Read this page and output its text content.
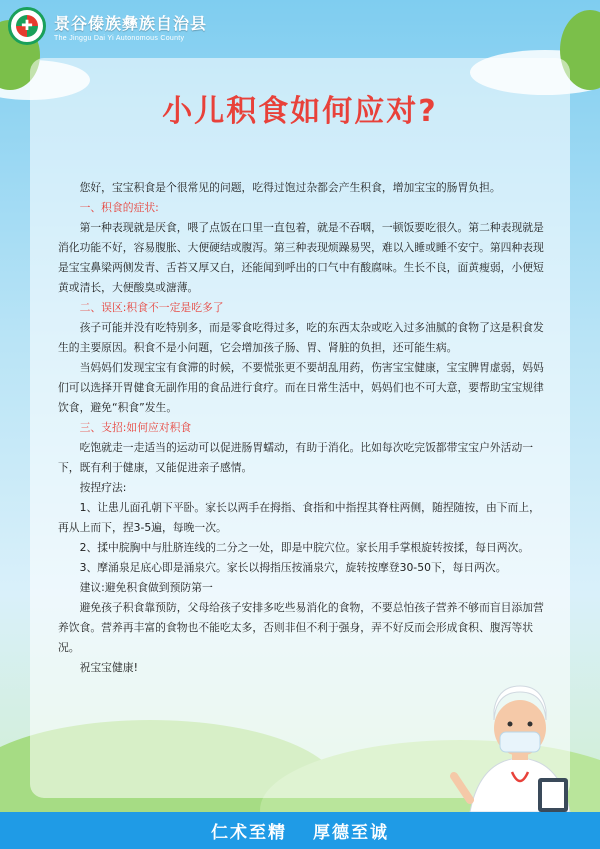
✚ 景谷傣族彝族自治县
The Jinggu Dai Yi Autonomous County
小儿积食如何应对?

您好，宝宝积食是个很常见的问题，吃得过饱过杂都会产生积食，增加宝宝的肠胃负担。

一、积食的症状:

第一种表现就是厌食，喂了点饭在口里一直包着，就是不吞咽，一顿饭要吃很久。第二种表现就是消化功能不好，容易腹胀、大便硬结或腹泻。第三种表现烦躁易哭，难以入睡或睡不安宁。第四种表现是宝宝鼻梁两侧发青、舌苔又厚又白，还能闻到呼出的口气中有酸腐味。生长不良，面黄瘦弱，小便短黄或清长，大便酸臭或溏薄。

二、误区:积食不一定是吃多了

孩子可能并没有吃特别多，而是零食吃得过多，吃的东西太杂或吃入过多油腻的食物了这是积食发生的主要原因。积食不是小问题，它会增加孩子肠、胃、肾脏的负担，还可能生病。

当妈妈们发现宝宝有食滞的时候，不要慌张更不要胡乱用药，伤害宝宝健康，宝宝脾胃虚弱，妈妈们可以选择开胃健食无副作用的食品进行食疗。而在日常生活中，妈妈们也不可大意，要帮助宝宝规律饮食，避免“积食”发生。

三、支招:如何应对积食

吃饱就走一走适当的运动可以促进肠胃蠕动，有助于消化。比如每次吃完饭都带宝宝户外活动一下，既有利于健康，又能促进亲子感情。

按捏疗法:

1、让患儿面孔朝下平卧。家长以两手在拇指、食指和中指捏其脊柱两侧，随捏随按，由下而上，再从上而下，捏3-5遍，每晚一次。

2、揉中脘胸中与肚脐连线的二分之一处，即是中脘穴位。家长用手掌根旋转按揉，每日两次。

3、摩涌泉足底心即是涌泉穴。家长以拇指压按涌泉穴，旋转按摩登30-50下，每日两次。

建议:避免积食做到预防第一

避免孩子积食靠预防，父母给孩子安排多吃些易消化的食物，不要总怕孩子营养不够而盲目添加营养饮食。营养再丰富的食物也不能吃太多，否则非但不利于强身，弄不好反而会形成食积、腹泻等状况。

祝宝宝健康!

仁术至精 厚德至诚
